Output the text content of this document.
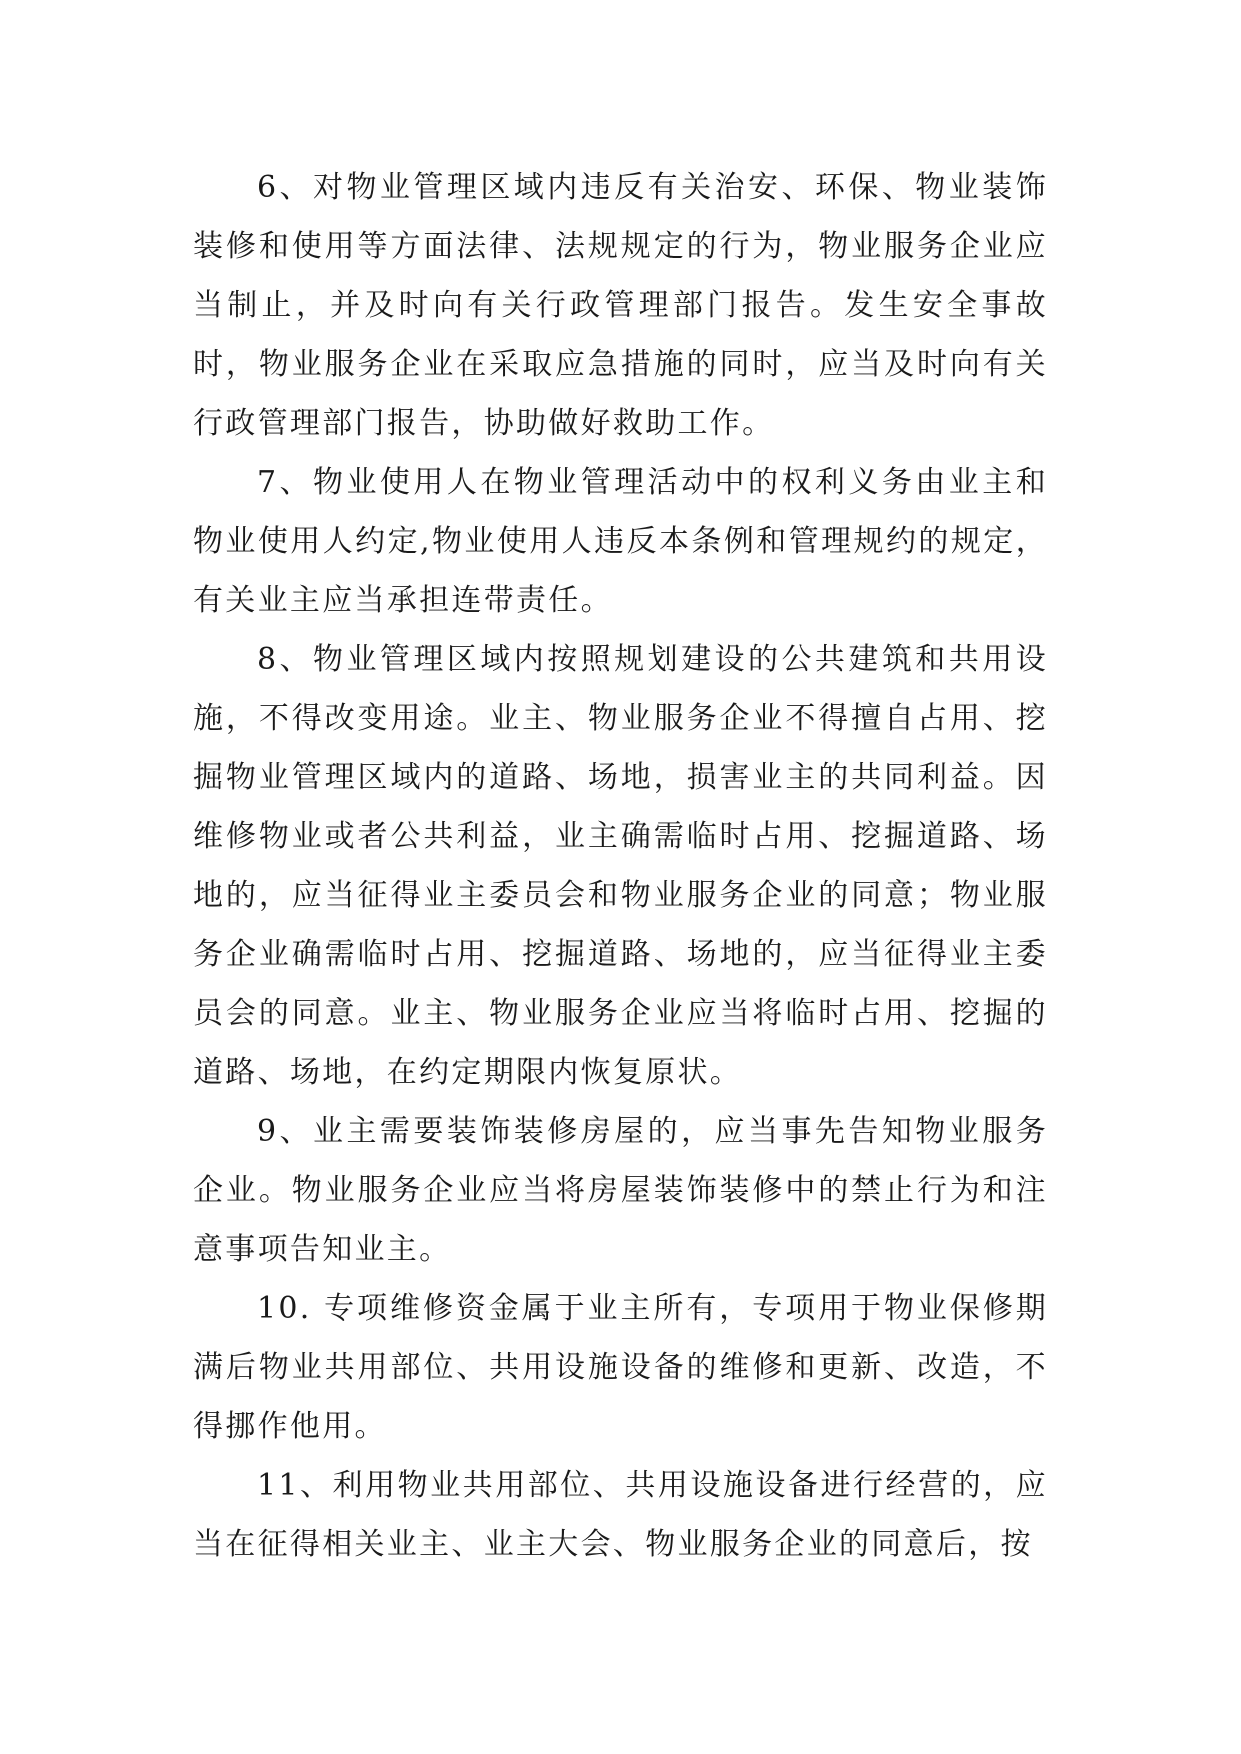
6、对物业管理区域内违反有关治安、环保、物业装饰装修和使用等方面法律、法规规定的行为，物业服务企业应当制止，并及时向有关行政管理部门报告。发生安全事故时，物业服务企业在采取应急措施的同时，应当及时向有关行政管理部门报告，协助做好救助工作。

7、物业使用人在物业管理活动中的权利义务由业主和物业使用人约定,物业使用人违反本条例和管理规约的规定，有关业主应当承担连带责任。

8、物业管理区域内按照规划建设的公共建筑和共用设施，不得改变用途。业主、物业服务企业不得擅自占用、挖掘物业管理区域内的道路、场地，损害业主的共同利益。因维修物业或者公共利益，业主确需临时占用、挖掘道路、场地的，应当征得业主委员会和物业服务企业的同意；物业服务企业确需临时占用、挖掘道路、场地的，应当征得业主委员会的同意。业主、物业服务企业应当将临时占用、挖掘的道路、场地，在约定期限内恢复原状。

9、业主需要装饰装修房屋的，应当事先告知物业服务企业。物业服务企业应当将房屋装饰装修中的禁止行为和注意事项告知业主。

10. 专项维修资金属于业主所有，专项用于物业保修期满后物业共用部位、共用设施设备的维修和更新、改造，不得挪作他用。

11、利用物业共用部位、共用设施设备进行经营的，应当在征得相关业主、业主大会、物业服务企业的同意后，按
